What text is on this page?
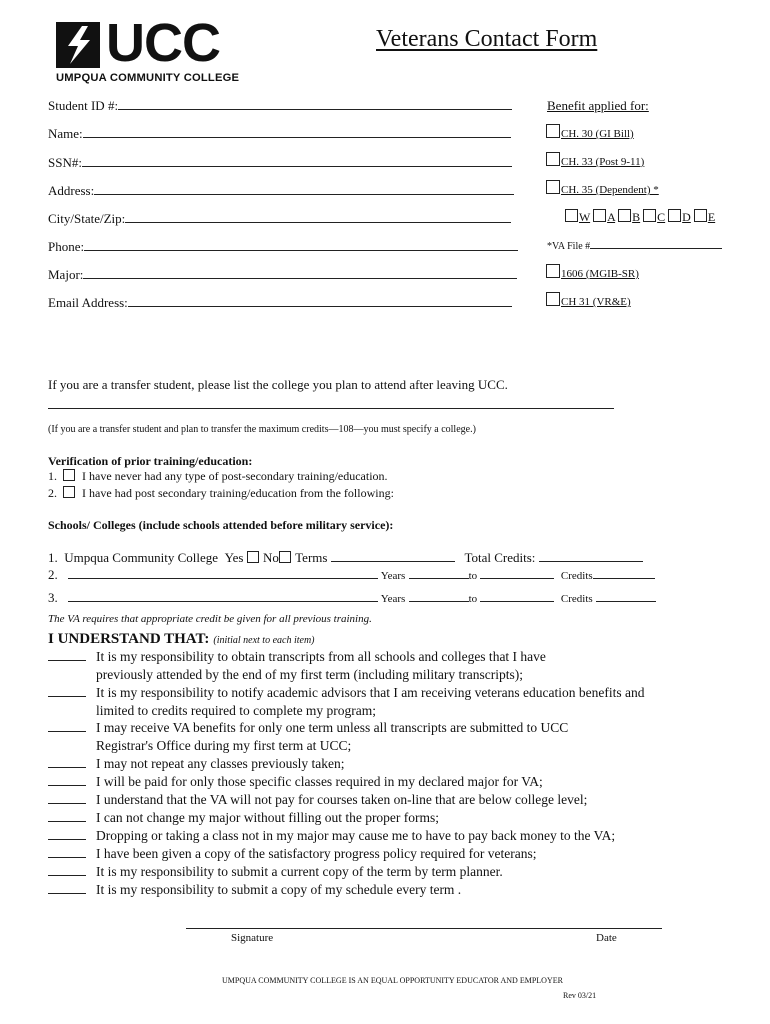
UCC
UMPQUA COMMUNITY COLLEGE
Veterans Contact Form
Student ID #:
Name:
SSN#:
Address:
City/State/Zip:
Phone:
Major:
Email Address:
Benefit applied for:
CH. 30 (GI Bill)
CH. 33 (Post 9-11)
CH. 35 (Dependent) *
W A B C D E
*VA File #
1606 (MGIB-SR)
CH 31 (VR&E)
If you are a transfer student, please list the college you plan to attend after leaving UCC.
(If you are a transfer student and plan to transfer the maximum credits—108—you must specify a college.)
Verification of prior training/education:
1. I have never had any type of post-secondary training/education.
2. I have had post secondary training/education from the following:
Schools/ Colleges (include schools attended before military service):
1. Umpqua Community College Yes No Terms	Total Credits:
2.	Years	to	Credits
3.	Years	to	Credits
The VA requires that appropriate credit be given for all previous training.
I UNDERSTAND THAT: (initial next to each item)
It is my responsibility to obtain transcripts from all schools and colleges that I have
previously attended by the end of my first term (including military transcripts);
It is my responsibility to notify academic advisors that I am receiving veterans education benefits and
limited to credits required to complete my program;
I may receive VA benefits for only one term unless all transcripts are submitted to UCC
Registrar's Office during my first term at UCC;
I may not repeat any classes previously taken;
I will be paid for only those specific classes required in my declared major for VA;
I understand that the VA will not pay for courses taken on-line that are below college level;
I can not change my major without filling out the proper forms;
Dropping or taking a class not in my major may cause me to have to pay back money to the VA;
I have been given a copy of the satisfactory progress policy required for veterans;
It is my responsibility to submit a current copy of the term by term planner.
It is my responsibility to submit a copy of my schedule every term .
Signature	Date
UMPQUA COMMUNITY COLLEGE IS AN EQUAL OPPORTUNITY EDUCATOR AND EMPLOYER
Rev 03/21
